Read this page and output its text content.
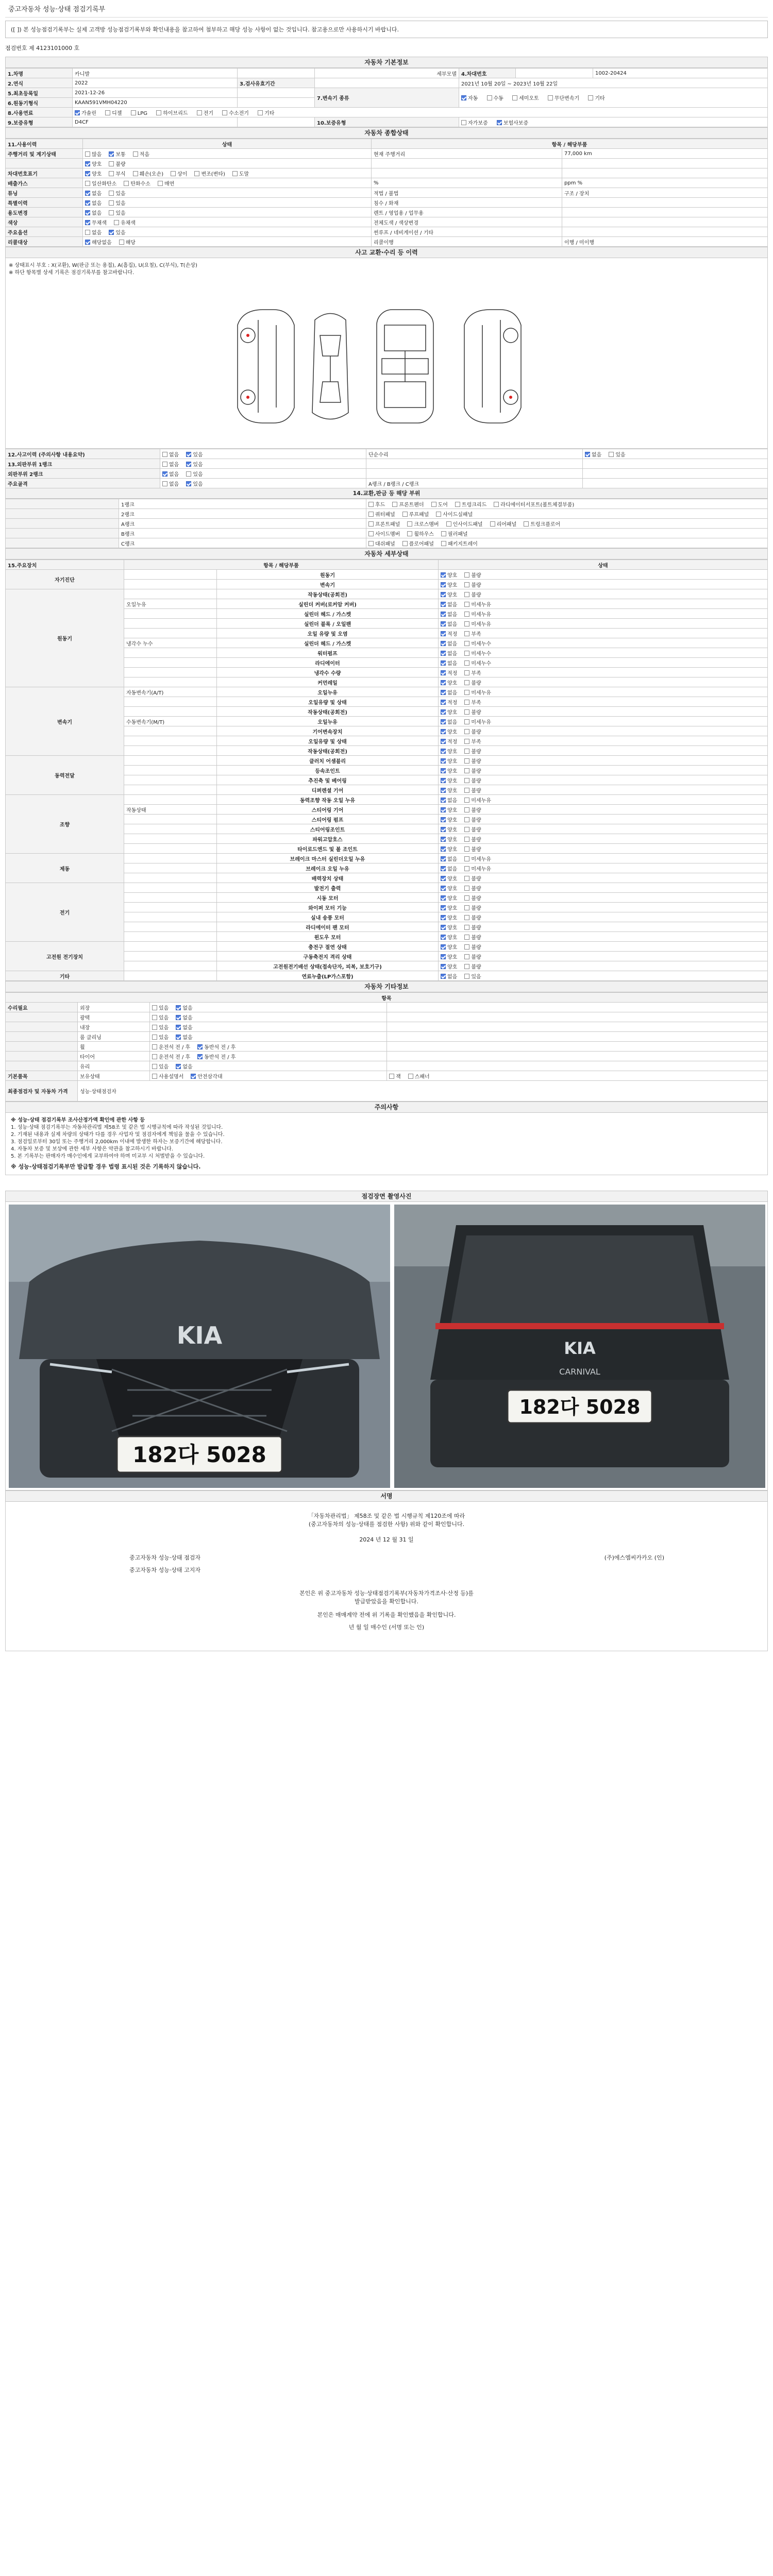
중고자동차 성능·상태 점검기록부
([ ]) 본 성능점검기록부는 실제 고객방 성능점검기록부와 확인내용을 참고하여 첨부하고 해당 성능 사항이 없는 것입니다. 참고용으로만 사용하시기 바랍니다.
점검번호 제
4123101000 호
자동차 기본정보
1.차명	카니발		세부모델	4.차대번호		1002-20424
2.연식	2022	3.검사유효기간		2021년 10월 20일 ~ 2023년 10월 22일		
5.최초등록일	2021-12-26		7.변속기 종류	자동 수동 세미오토 무단변속기 기타		
6.원동기형식	KAAN591VMH04220					
8.사용연료	가솔린 디젤 LPG 하이브리드 전기 수소전기 기타					
9.보증유형	D4CF		10.보증유형	자가보증 보험사보증		
자동차 종합상태
11.사용이력	상태	항목 / 해당부품	
주행거리 및 계기상태	많음 보통 적음	현재 주행거리	77,000 km
	양호 불량		
차대번호표기	양호 부식 훼손(오손) 상이 변조(변타) 도말		
배출가스	일산화탄소 탄화수소 매연	%	ppm %
튜닝	없음 있음	적법 / 불법	구조 / 장치
특별이력	없음 있음	침수 / 화재	
용도변경	없음 있음	렌트 / 영업용 / 업무용	
색상	무채색 유채색	전체도색 / 색상변경	
주요옵션	없음 있음	썬루프 / 네비게이션 / 기타	
리콜대상	해당없음 해당	리콜이행	이행 / 미이행
사고 교환·수리 등 이력
※ 상태표시 부호 : X(교환), W(판금 또는 용접), A(흠집), U(요철), C(부식), T(손상)
※ 하단 항목별 상세 기록은 점검기록부를 참고바랍니다.
12.사고이력 (주의사항 내용요약)	없음 있음	단순수리	없음 있음
13.외판부위 1랭크	없음 있음		
외판부위 2랭크	없음 있음		
주요골격	없음 있음	A랭크 / B랭크 / C랭크	
14.교환,판금 등 해당 부위
	1랭크	후드 프론트펜더 도어 트렁크리드 라디에이터서포트(볼트체결부품)
	2랭크	쿼터패널 루프패널 사이드실패널
	A랭크	프론트패널 크로스멤버 인사이드패널 리어패널 트렁크플로어
	B랭크	사이드멤버 휠하우스 필러패널
	C랭크	대쉬패널 플로어패널 패키지트레이
자동차 세부상태
15.주요장치	항목 / 해당부품		상태
자기진단		원동기	양호 불량
		변속기	양호 불량
원동기		작동상태(공회전)	양호 불량
	오일누유	실린더 커버(로커암 커버)	없음 미세누유
		실린더 헤드 / 가스켓	없음 미세누유
		실린더 블록 / 오일팬	없음 미세누유
		오일 유량 및 오염	적정 부족
	냉각수 누수	실린더 헤드 / 가스켓	없음 미세누수
		워터펌프	없음 미세누수
		라디에이터	없음 미세누수
		냉각수 수량	적정 부족
		커먼레일	양호 불량
변속기	자동변속기(A/T)	오일누유	없음 미세누유
		오일유량 및 상태	적정 부족
		작동상태(공회전)	양호 불량
	수동변속기(M/T)	오일누유	없음 미세누유
		기어변속장치	양호 불량
		오일유량 및 상태	적정 부족
		작동상태(공회전)	양호 불량
동력전달		클러치 어셈블리	양호 불량
		등속조인트	양호 불량
		추진축 및 베어링	양호 불량
		디퍼렌셜 기어	양호 불량
조향		동력조향 작동 오일 누유	없음 미세누유
	작동상태	스티어링 기어	양호 불량
		스티어링 펌프	양호 불량
		스티어링조인트	양호 불량
		파워고압호스	양호 불량
		타이로드엔드 및 볼 조인트	양호 불량
제동		브레이크 마스터 실린더오일 누유	없음 미세누유
		브레이크 오일 누유	없음 미세누유
		배력장치 상태	양호 불량
전기		발전기 출력	양호 불량
		시동 모터	양호 불량
		와이퍼 모터 기능	양호 불량
		실내 송풍 모터	양호 불량
		라디에이터 팬 모터	양호 불량
		윈도우 모터	양호 불량
고전원 전기장치		충전구 절연 상태	양호 불량
		구동축전지 격리 상태	양호 불량
		고전원전기배선 상태(접속단자, 피복, 보호기구)	양호 불량
기타		연료누출(LP가스포함)	없음 있음
자동차 기타정보
항목			
수리필요	외장	있음 없음	
	광택	있음 없음	
	내장	있음 없음	
	룸 클리닝	있음 없음	
	휠	운전석 전 / 후 동반석 전 / 후	
	타이어	운전석 전 / 후 동반석 전 / 후	
	유리	있음 없음	
기본품목	보유상태	사용설명서 안전삼각대	잭 스패너
최종점검자 및 자동차 가격	성능·상태점검자		
주의사항
※ 성능·상태 점검기록부 조사산정가액 확인에 관한 사항 등
1. 성능·상태 점검기록부는 자동차관리법 제58조 및 같은 법 시행규칙에 따라 작성된 것입니다.
2. 기재된 내용과 실제 차량의 상태가 다를 경우 사업자 및 점검자에게 책임을 물을 수 있습니다.
3. 점검일로부터 30일 또는 주행거리 2,000km 이내에 발생한 하자는 보증기간에 해당합니다.
4. 자동차 보증 및 보상에 관한 세부 사항은 약관을 참고하시기 바랍니다.
5. 본 기록부는 판매자가 매수인에게 교부하여야 하며 미교부 시 처벌받을 수 있습니다.
※ 성능·상태점검기록부만 발급할 경우 법령 표시된 것은 기록하지 않습니다.
점검장면 촬영사진
KIA
182다 5028
KIA
CARNIVAL
182다 5028
서명
「자동차관리법」 제58조 및 같은 법 시행규칙 제120조에 따라
(중고자동차의 성능·상태를 점검한 사항) 위와 같이 확인합니다.
2024 년 12 월 31 일
중고자동차 성능·상태 점검자	(주)에스엠씨카카오 (인)
중고자동차 성능·상태 고지자
본인은 위 중고자동차 성능·상태점검기록부(자동차가격조사·산정 등)를
발급받았음을 확인합니다.
본인은 매매계약 전에 위 기록을 확인했음을 확인합니다.
년 월 일 매수인 (서명 또는 인)
